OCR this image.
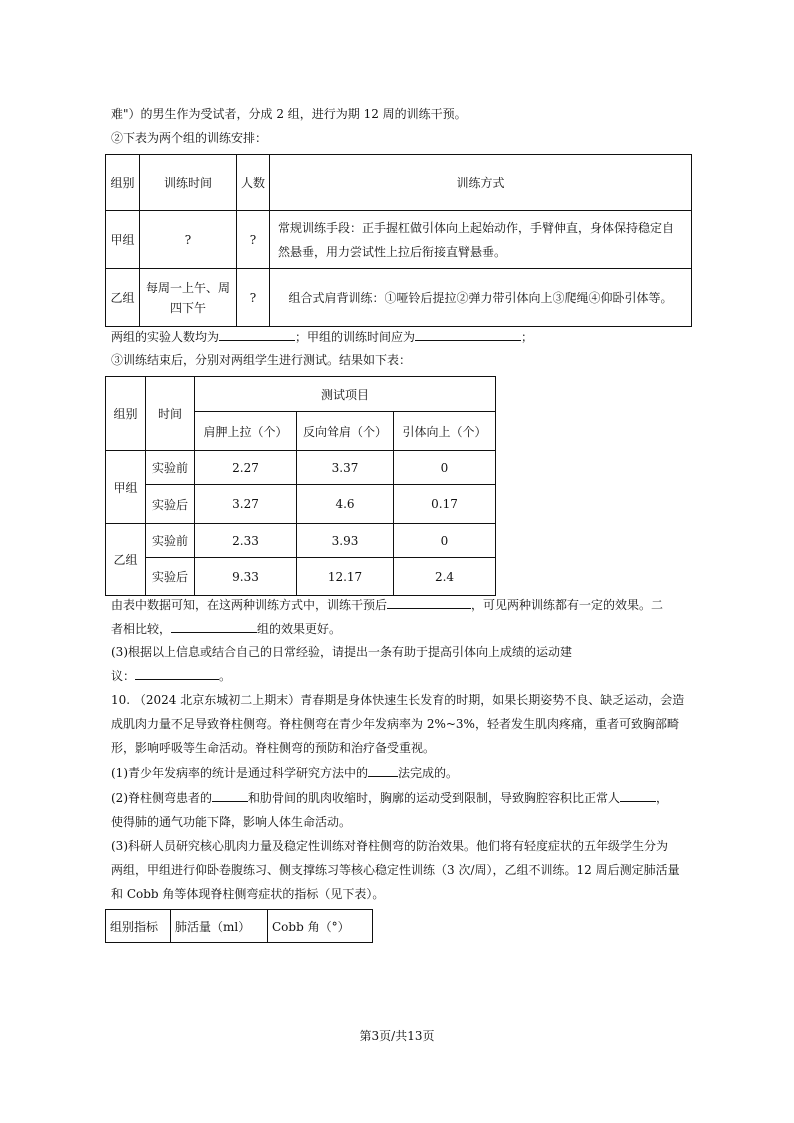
难"）的男生作为受试者，分成 2 组，进行为期 12 周的训练干预。
②下表为两个组的训练安排：
组别	训练时间	人数	训练方式
甲组	?	?	常规训练手段：正手握杠做引体向上起始动作，手臂伸直，身体保持稳定自然悬垂，用力尝试性上拉后衔接直臂悬垂。
乙组	每周一上午、周四下午	?	组合式肩背训练：①哑铃后提拉②弹力带引体向上③爬绳④仰卧引体等。
两组的实验人数均为	；甲组的训练时间应为	；
③训练结束后，分别对两组学生进行测试。结果如下表：
组别	时间	测试项目		
		肩胛上拉（个）	反向耸肩（个）	引体向上（个）
甲组	实验前	2.27	3.37	0
	实验后	3.27	4.6	0.17
乙组	实验前	2.33	3.93	0
	实验后	9.33	12.17	2.4
由表中数据可知，在这两种训练方式中，训练干预后	，可见两种训练都有一定的效果。二
者相比较，	组的效果更好。
(3)根据以上信息或结合自己的日常经验，请提出一条有助于提高引体向上成绩的运动建
议：	。
10. （2024 北京东城初二上期末）青春期是身体快速生长发育的时期，如果长期姿势不良、缺乏运动，会造
成肌肉力量不足导致脊柱侧弯。脊柱侧弯在青少年发病率为 2%~3%，轻者发生肌肉疼痛，重者可致胸部畸
形，影响呼吸等生命活动。脊柱侧弯的预防和治疗备受重视。
(1)青少年发病率的统计是通过科学研究方法中的	法完成的。
(2)脊柱侧弯患者的	和肋骨间的肌肉收缩时，胸廓的运动受到限制，导致胸腔容积比正常人	，
使得肺的通气功能下降，影响人体生命活动。
(3)科研人员研究核心肌肉力量及稳定性训练对脊柱侧弯的防治效果。他们将有轻度症状的五年级学生分为
两组，甲组进行仰卧卷腹练习、侧支撑练习等核心稳定性训练（3 次/周），乙组不训练。12 周后测定肺活量
和 Cobb 角等体现脊柱侧弯症状的指标（见下表）。
组别指标	肺活量（ml）	Cobb 角（°）
第3页/共13页
